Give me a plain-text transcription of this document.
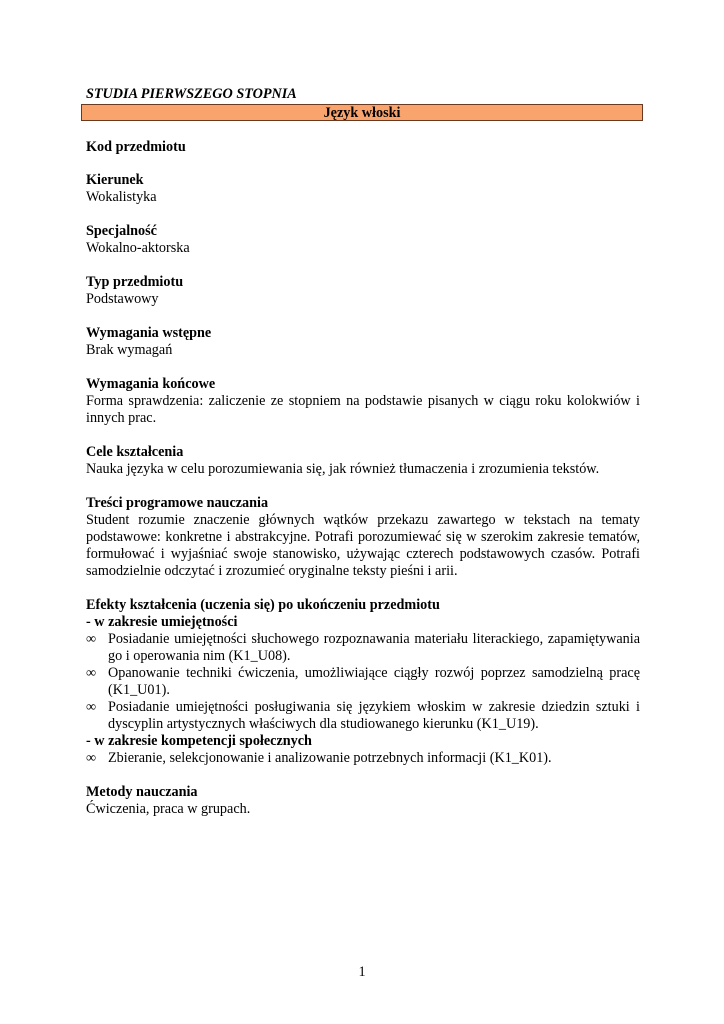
STUDIA PIERWSZEGO STOPNIA

Język włoski

Kod przedmiotu

Kierunek

Wokalistyka

Specjalność

Wokalno-aktorska

Typ przedmiotu

Podstawowy

Wymagania wstępne

Brak wymagań

Wymagania końcowe

Forma sprawdzenia: zaliczenie ze stopniem na podstawie pisanych w ciągu roku kolokwiów i innych prac.

Cele kształcenia

Nauka języka w celu porozumiewania się, jak również tłumaczenia i zrozumienia tekstów.

Treści programowe nauczania

Student rozumie znaczenie głównych wątków przekazu zawartego w tekstach na tematy podstawowe: konkretne i abstrakcyjne. Potrafi porozumiewać się w szerokim zakresie tematów, formułować i wyjaśniać swoje stanowisko, używając czterech podstawowych czasów. Potrafi samodzielnie odczytać i zrozumieć oryginalne teksty pieśni i arii.

Efekty kształcenia (uczenia się) po ukończeniu przedmiotu

- w zakresie umiejętności

∞ Posiadanie umiejętności słuchowego rozpoznawania materiału literackiego, zapamiętywania go i operowania nim (K1_U08).
∞ Opanowanie techniki ćwiczenia, umożliwiające ciągły rozwój poprzez samodzielną pracę (K1_U01).
∞ Posiadanie umiejętności posługiwania się językiem włoskim w zakresie dziedzin sztuki i dyscyplin artystycznych właściwych dla studiowanego kierunku (K1_U19).

- w zakresie kompetencji społecznych

∞ Zbieranie, selekcjonowanie i analizowanie potrzebnych informacji (K1_K01).

Metody nauczania

Ćwiczenia, praca w grupach.

1
